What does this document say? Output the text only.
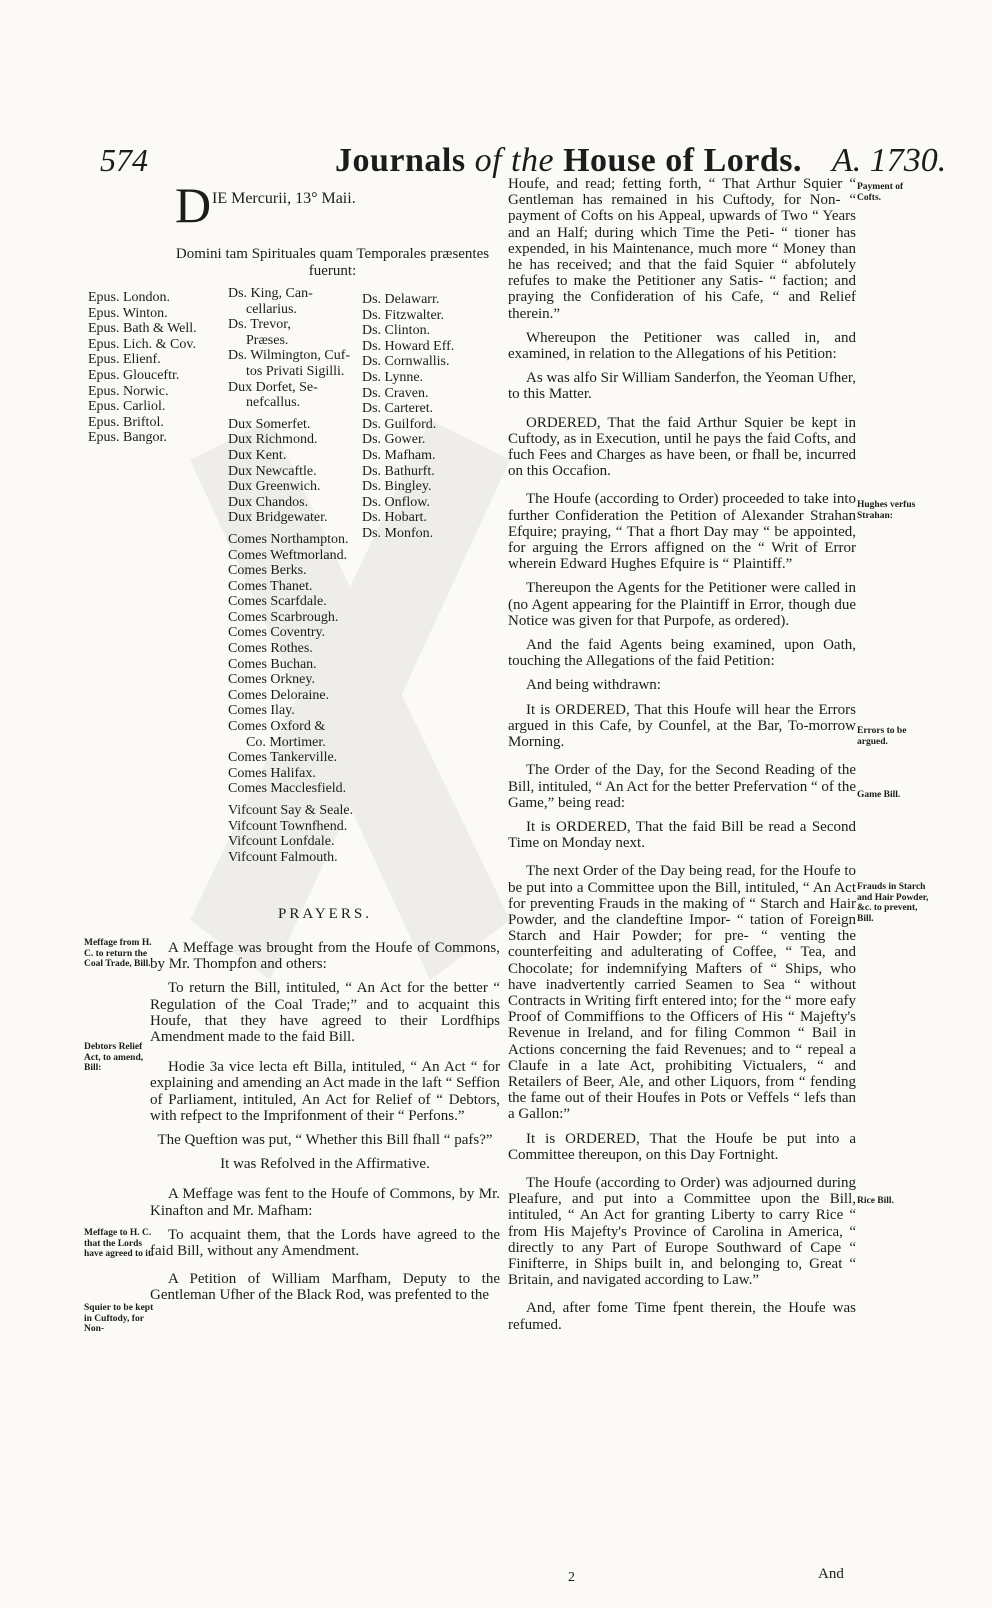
574	Journals of the House of Lords. A. 1730.
D IE Mercurii, 13° Maii.
Domini tam Spirituales quam Temporales præsentes fuerunt:
Epus. London.
Epus. Winton.
Epus. Bath & Well.
Epus. Lich. & Cov.
Epus. Elienf.
Epus. Glouceftr.
Epus. Norwic.
Epus. Carliol.
Epus. Briftol.
Epus. Bangor.
Ds. King, Can-
cellarius.
Ds. Trevor,
Præses.
Ds. Wilmington, Cuf-
tos Privati Sigilli.
Dux Dorfet, Se-
nefcallus.
Dux Somerfet.
Dux Richmond.
Dux Kent.
Dux Newcaftle.
Dux Greenwich.
Dux Chandos.
Dux Bridgewater.
Comes Northampton.
Comes Weftmorland.
Comes Berks.
Comes Thanet.
Comes Scarfdale.
Comes Scarbrough.
Comes Coventry.
Comes Rothes.
Comes Buchan.
Comes Orkney.
Comes Deloraine.
Comes Ilay.
Comes Oxford &
Co. Mortimer.
Comes Tankerville.
Comes Halifax.
Comes Macclesfield.
Vifcount Say & Seale.
Vifcount Townfhend.
Vifcount Lonfdale.
Vifcount Falmouth.
Ds. Delawarr.
Ds. Fitzwalter.
Ds. Clinton.
Ds. Howard Eff.
Ds. Cornwallis.
Ds. Lynne.
Ds. Craven.
Ds. Carteret.
Ds. Guilford.
Ds. Gower.
Ds. Mafham.
Ds. Bathurft.
Ds. Bingley.
Ds. Onflow.
Ds. Hobart.
Ds. Monfon.
PRAYERS.
Meffage from H. C. to return the Coal Trade, Bill.
Debtors Relief Act, to amend, Bill:
Meffage to H. C. that the Lords have agreed to it.
Squier to be kept in Cuftody, for Non-

A Meffage was brought from the Houfe of Commons, by Mr. Thompfon and others:

To return the Bill, intituled, “ An Act for the better “ Regulation of the Coal Trade;” and to acquaint this Houfe, that they have agreed to their Lordfhips Amendment made to the faid Bill.

Hodie 3a vice lecta eft Billa, intituled, “ An Act “ for explaining and amending an Act made in the laft “ Seffion of Parliament, intituled, An Act for Relief of “ Debtors, with refpect to the Imprifonment of their “ Perfons.”

The Queftion was put, “ Whether this Bill fhall “ pafs?”

It was Refolved in the Affirmative.

A Meffage was fent to the Houfe of Commons, by Mr. Kinafton and Mr. Mafham:

To acquaint them, that the Lords have agreed to the faid Bill, without any Amendment.

A Petition of William Marfham, Deputy to the Gentleman Ufher of the Black Rod, was prefented to the

Payment of Cofts.
Hughes verfus Strahan:
Errors to be argued.
Game Bill.
Frauds in Starch and Hair Powder, &c. to prevent, Bill.
Rice Bill.

Houfe, and read; fetting forth, “ That Arthur Squier “ Gentleman has remained in his Cuftody, for Non- “ payment of Cofts on his Appeal, upwards of Two “ Years and an Half; during which Time the Peti- “ tioner has expended, in his Maintenance, much more “ Money than he has received; and that the faid Squier “ abfolutely refufes to make the Petitioner any Satis- “ faction; and praying the Confideration of his Cafe, “ and Relief therein.”

Whereupon the Petitioner was called in, and examined, in relation to the Allegations of his Petition:

As was alfo Sir William Sanderfon, the Yeoman Ufher, to this Matter.

ORDERED, That the faid Arthur Squier be kept in Cuftody, as in Execution, until he pays the faid Cofts, and fuch Fees and Charges as have been, or fhall be, incurred on this Occafion.

The Houfe (according to Order) proceeded to take into further Confideration the Petition of Alexander Strahan Efquire; praying, “ That a fhort Day may “ be appointed, for arguing the Errors affigned on the “ Writ of Error wherein Edward Hughes Efquire is “ Plaintiff.”

Thereupon the Agents for the Petitioner were called in (no Agent appearing for the Plaintiff in Error, though due Notice was given for that Purpofe, as ordered).

And the faid Agents being examined, upon Oath, touching the Allegations of the faid Petition:

And being withdrawn:

It is ORDERED, That this Houfe will hear the Errors argued in this Cafe, by Counfel, at the Bar, To-morrow Morning.

The Order of the Day, for the Second Reading of the Bill, intituled, “ An Act for the better Prefervation “ of the Game,” being read:

It is ORDERED, That the faid Bill be read a Second Time on Monday next.

The next Order of the Day being read, for the Houfe to be put into a Committee upon the Bill, intituled, “ An Act for preventing Frauds in the making of “ Starch and Hair Powder, and the clandeftine Impor- “ tation of Foreign Starch and Hair Powder; for pre- “ venting the counterfeiting and adulterating of Coffee, “ Tea, and Chocolate; for indemnifying Mafters of “ Ships, who have inadvertently carried Seamen to Sea “ without Contracts in Writing firft entered into; for the “ more eafy Proof of Commiffions to the Officers of His “ Majefty's Revenue in Ireland, and for filing Common “ Bail in Actions concerning the faid Revenues; and to “ repeal a Claufe in a late Act, prohibiting Victualers, “ and Retailers of Beer, Ale, and other Liquors, from “ fending the fame out of their Houfes in Pots or Veffels “ lefs than a Gallon:”

It is ORDERED, That the Houfe be put into a Committee thereupon, on this Day Fortnight.

The Houfe (according to Order) was adjourned during Pleafure, and put into a Committee upon the Bill, intituled, “ An Act for granting Liberty to carry Rice “ from His Majefty's Province of Carolina in America, “ directly to any Part of Europe Southward of Cape “ Finifterre, in Ships built in, and belonging to, Great “ Britain, and navigated according to Law.”

And, after fome Time fpent therein, the Houfe was refumed.

2	And
